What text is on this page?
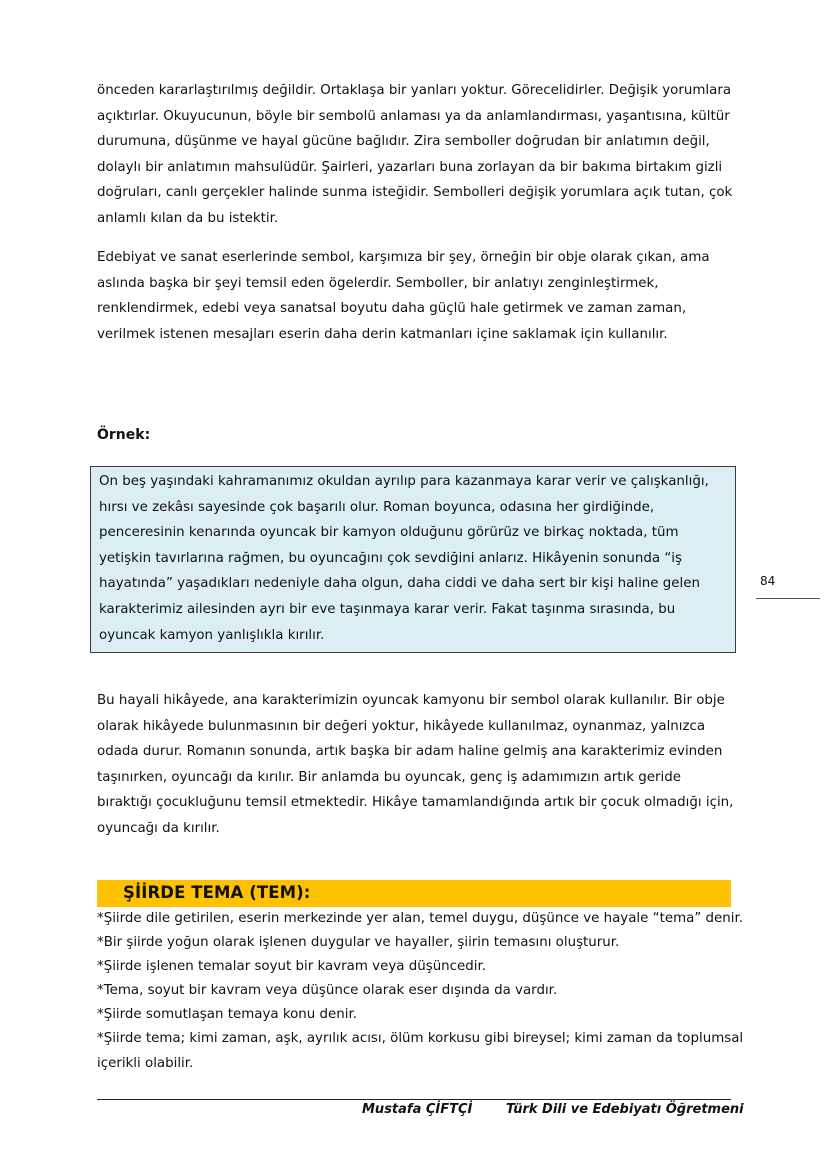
önceden kararlaştırılmış değildir. Ortaklaşa bir yanları yoktur. Görecelidirler. Değişik yorumlara açıktırlar. Okuyucunun, böyle bir sembolü anlaması ya da anlamlandırması, yaşantısına, kültür durumuna, düşünme ve hayal gücüne bağlıdır. Zira semboller doğrudan bir anlatımın değil, dolaylı bir anlatımın mahsulüdür. Şairleri, yazarları buna zorlayan da bir bakıma birtakım gizli doğruları, canlı gerçekler halinde sunma isteğidir. Sembolleri değişik yorumlara açık tutan, çok anlamlı kılan da bu istektir.

Edebiyat ve sanat eserlerinde sembol, karşımıza bir şey, örneğin bir obje olarak çıkan, ama aslında başka bir şeyi temsil eden ögelerdir. Semboller, bir anlatıyı zenginleştirmek, renklendirmek, edebi veya sanatsal boyutu daha güçlü hale getirmek ve zaman zaman, verilmek istenen mesajları eserin daha derin katmanları içine saklamak için kullanılır.

Örnek:

On beş yaşındaki kahramanımız okuldan ayrılıp para kazanmaya karar verir ve çalışkanlığı, hırsı ve zekâsı sayesinde çok başarılı olur. Roman boyunca, odasına her girdiğinde, penceresinin kenarında oyuncak bir kamyon olduğunu görürüz ve birkaç noktada, tüm yetişkin tavırlarına rağmen, bu oyuncağını çok sevdiğini anlarız. Hikâyenin sonunda “iş hayatında” yaşadıkları nedeniyle daha olgun, daha ciddi ve daha sert bir kişi haline gelen karakterimiz ailesinden ayrı bir eve taşınmaya karar verir. Fakat taşınma sırasında, bu oyuncak kamyon yanlışlıkla kırılır.

84

Bu hayali hikâyede, ana karakterimizin oyuncak kamyonu bir sembol olarak kullanılır. Bir obje olarak hikâyede bulunmasının bir değeri yoktur, hikâyede kullanılmaz, oynanmaz, yalnızca odada durur. Romanın sonunda, artık başka bir adam haline gelmiş ana karakterimiz evinden taşınırken, oyuncağı da kırılır. Bir anlamda bu oyuncak, genç iş adamımızın artık geride bıraktığı çocukluğunu temsil etmektedir. Hikâye tamamlandığında artık bir çocuk olmadığı için, oyuncağı da kırılır.

ŞİİRDE TEMA (TEM):
*Şiirde dile getirilen, eserin merkezinde yer alan, temel duygu, düşünce ve hayale “tema” denir.
*Bir şiirde yoğun olarak işlenen duygular ve hayaller, şiirin temasını oluşturur.
*Şiirde işlenen temalar soyut bir kavram veya düşüncedir.
*Tema, soyut bir kavram veya düşünce olarak eser dışında da vardır.
*Şiirde somutlaşan temaya konu denir.
*Şiirde tema; kimi zaman, aşk, ayrılık acısı, ölüm korkusu gibi bireysel; kimi zaman da toplumsal içerikli olabilir.

Mustafa ÇİFTÇİ	Türk Dili ve Edebiyatı Öğretmeni
